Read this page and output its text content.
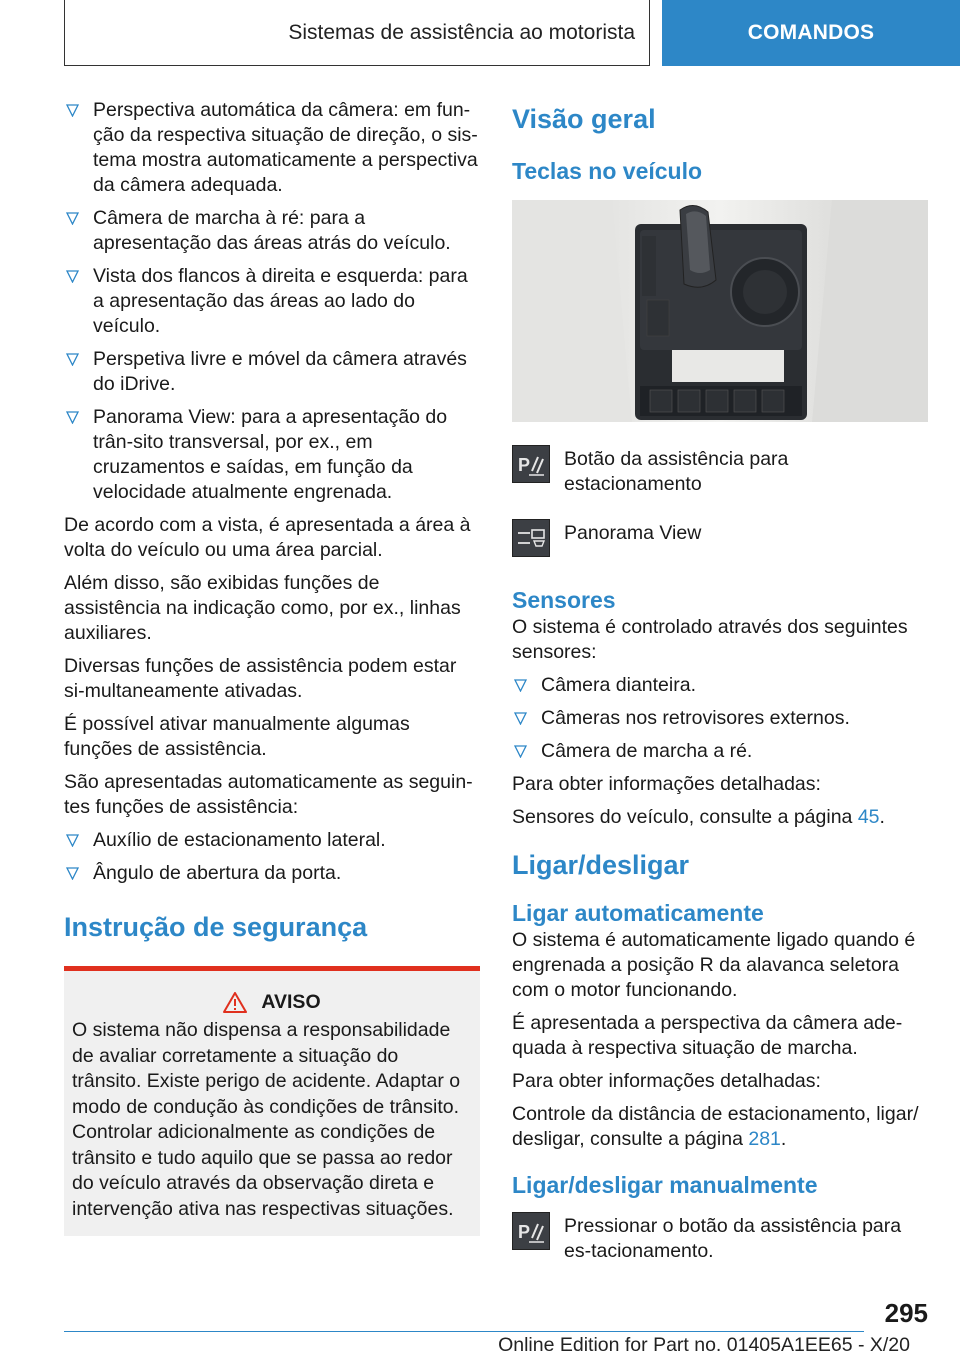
Sistemas de assistência ao motorista	COMANDOS
Perspectiva automática da câmera: em fun-ção da respectiva situação de direção, o sis-tema mostra automaticamente a perspectiva da câmera adequada.
Câmera de marcha à ré: para a apresentação das áreas atrás do veículo.
Vista dos flancos à direita e esquerda: para a apresentação das áreas ao lado do veículo.
Perspetiva livre e móvel da câmera através do iDrive.
Panorama View: para a apresentação do trân-sito transversal, por ex., em cruzamentos e saídas, em função da velocidade atualmente engrenada.

De acordo com a vista, é apresentada a área à volta do veículo ou uma área parcial.

Além disso, são exibidas funções de assistência na indicação como, por ex., linhas auxiliares.

Diversas funções de assistência podem estar si-multaneamente ativadas.

É possível ativar manualmente algumas funções de assistência.

São apresentadas automaticamente as seguin-tes funções de assistência:

Auxílio de estacionamento lateral.
Ângulo de abertura da porta.
Instrução de segurança
AVISO
O sistema não dispensa a responsabilidade de avaliar corretamente a situação do trânsito. Existe perigo de acidente. Adaptar o modo de condução às condições de trânsito. Controlar adicionalmente as condições de trânsito e tudo aquilo que se passa ao redor do veículo através da observação direta e intervenção ativa nas respectivas situações.
Visão geral
Teclas no veículo
P Botão da assistência para estacionamento
Panorama View
Sensores

O sistema é controlado através dos seguintes sensores:

Câmera dianteira.
Câmeras nos retrovisores externos.
Câmera de marcha a ré.

Para obter informações detalhadas:

Sensores do veículo, consulte a página 45.

Ligar/desligar
Ligar automaticamente

O sistema é automaticamente ligado quando é engrenada a posição R da alavanca seletora com o motor funcionando.

É apresentada a perspectiva da câmera ade-quada à respectiva situação de marcha.

Para obter informações detalhadas:

Controle da distância de estacionamento, ligar/ desligar, consulte a página 281.

Ligar/desligar manualmente
P Pressionar o botão da assistência para es-tacionamento.
295
Online Edition for Part no. 01405A1EE65 - X/20
